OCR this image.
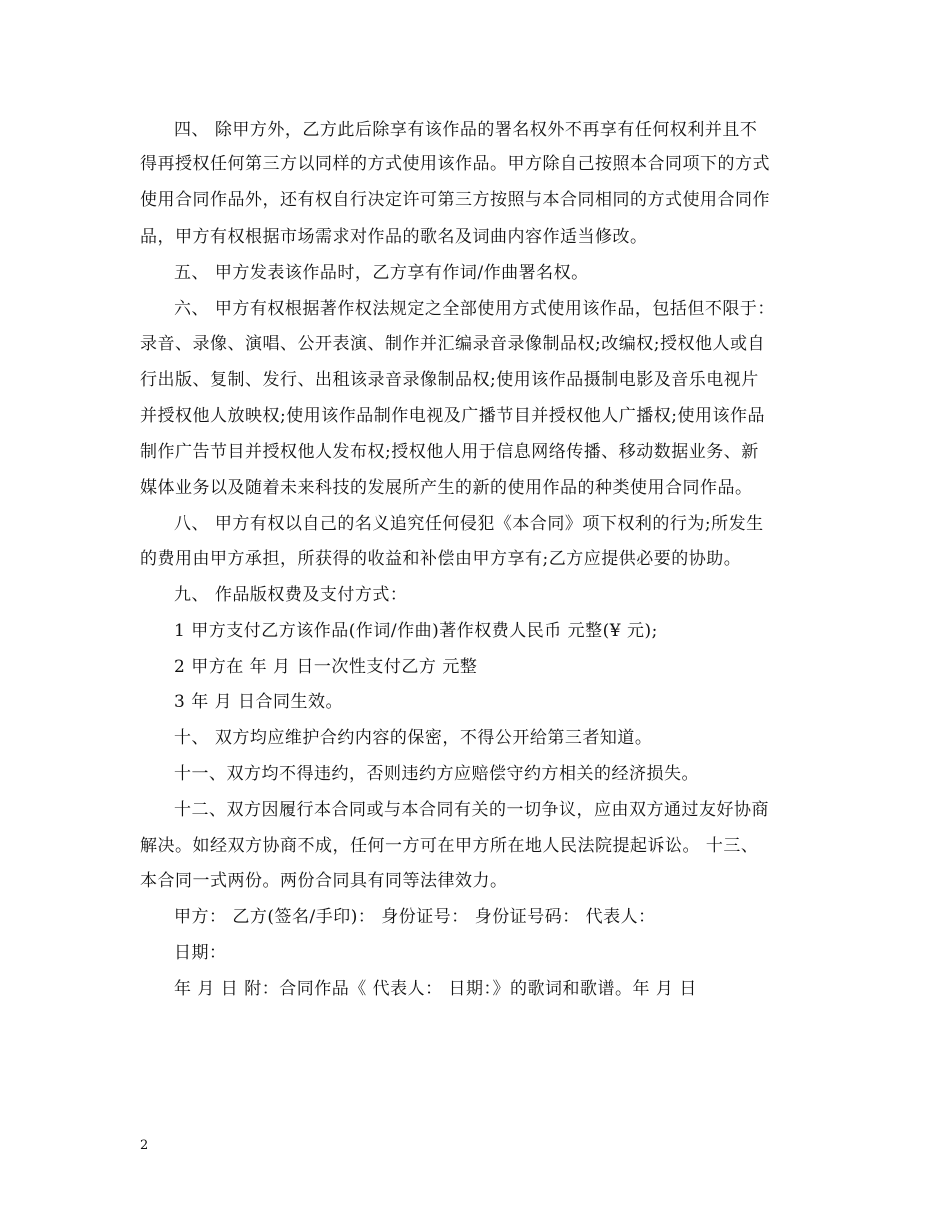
四、 除甲方外，乙方此后除享有该作品的署名权外不再享有任何权利并且不
得再授权任何第三方以同样的方式使用该作品。甲方除自己按照本合同项下的方式
使用合同作品外，还有权自行决定许可第三方按照与本合同相同的方式使用合同作
品，甲方有权根据市场需求对作品的歌名及词曲内容作适当修改。
五、 甲方发表该作品时，乙方享有作词/作曲署名权。
六、 甲方有权根据著作权法规定之全部使用方式使用该作品，包括但不限于：
录音、录像、演唱、公开表演、制作并汇编录音录像制品权;改编权;授权他人或自
行出版、复制、发行、出租该录音录像制品权;使用该作品摄制电影及音乐电视片
并授权他人放映权;使用该作品制作电视及广播节目并授权他人广播权;使用该作品
制作广告节目并授权他人发布权;授权他人用于信息网络传播、移动数据业务、新
媒体业务以及随着未来科技的发展所产生的新的使用作品的种类使用合同作品。
八、 甲方有权以自己的名义追究任何侵犯《本合同》项下权利的行为;所发生
的费用由甲方承担，所获得的收益和补偿由甲方享有;乙方应提供必要的协助。
九、 作品版权费及支付方式：
1 甲方支付乙方该作品(作词/作曲)著作权费人民币 元整(¥ 元);
2 甲方在 年 月 日一次性支付乙方 元整
3 年 月 日合同生效。
十、 双方均应维护合约内容的保密，不得公开给第三者知道。
十一、双方均不得违约，否则违约方应赔偿守约方相关的经济损失。
十二、双方因履行本合同或与本合同有关的一切争议，应由双方通过友好协商
解决。如经双方协商不成，任何一方可在甲方所在地人民法院提起诉讼。 十三、
本合同一式两份。两份合同具有同等法律效力。
甲方： 乙方(签名/手印)： 身份证号： 身份证号码： 代表人：
日期：
年 月 日 附：合同作品《 代表人： 日期：》的歌词和歌谱。年 月 日
2
